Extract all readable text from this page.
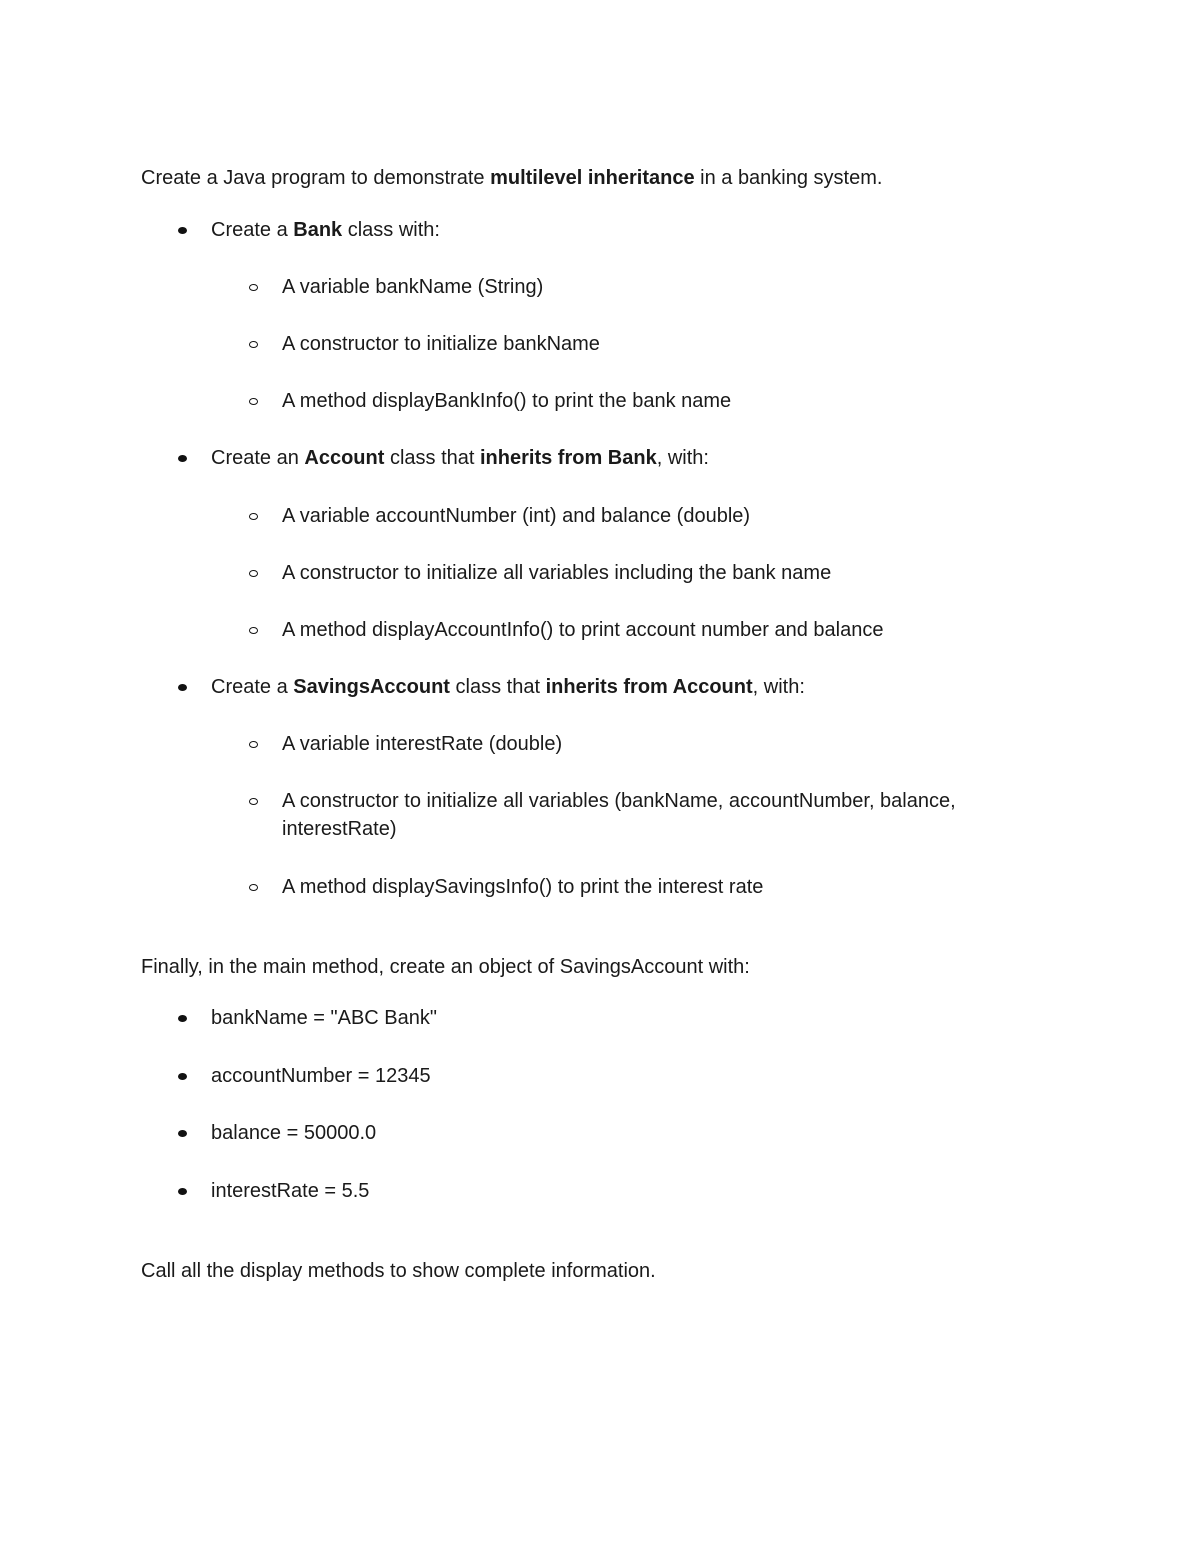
Create a Java program to demonstrate multilevel inheritance in a banking system.
Create a Bank class with:
A variable bankName (String)
A constructor to initialize bankName
A method displayBankInfo() to print the bank name
Create an Account class that inherits from Bank, with:
A variable accountNumber (int) and balance (double)
A constructor to initialize all variables including the bank name
A method displayAccountInfo() to print account number and balance
Create a SavingsAccount class that inherits from Account, with:
A variable interestRate (double)
A constructor to initialize all variables (bankName, accountNumber, balance,
interestRate)
A method displaySavingsInfo() to print the interest rate
Finally, in the main method, create an object of SavingsAccount with:
bankName = "ABC Bank"
accountNumber = 12345
balance = 50000.0
interestRate = 5.5
Call all the display methods to show complete information.
